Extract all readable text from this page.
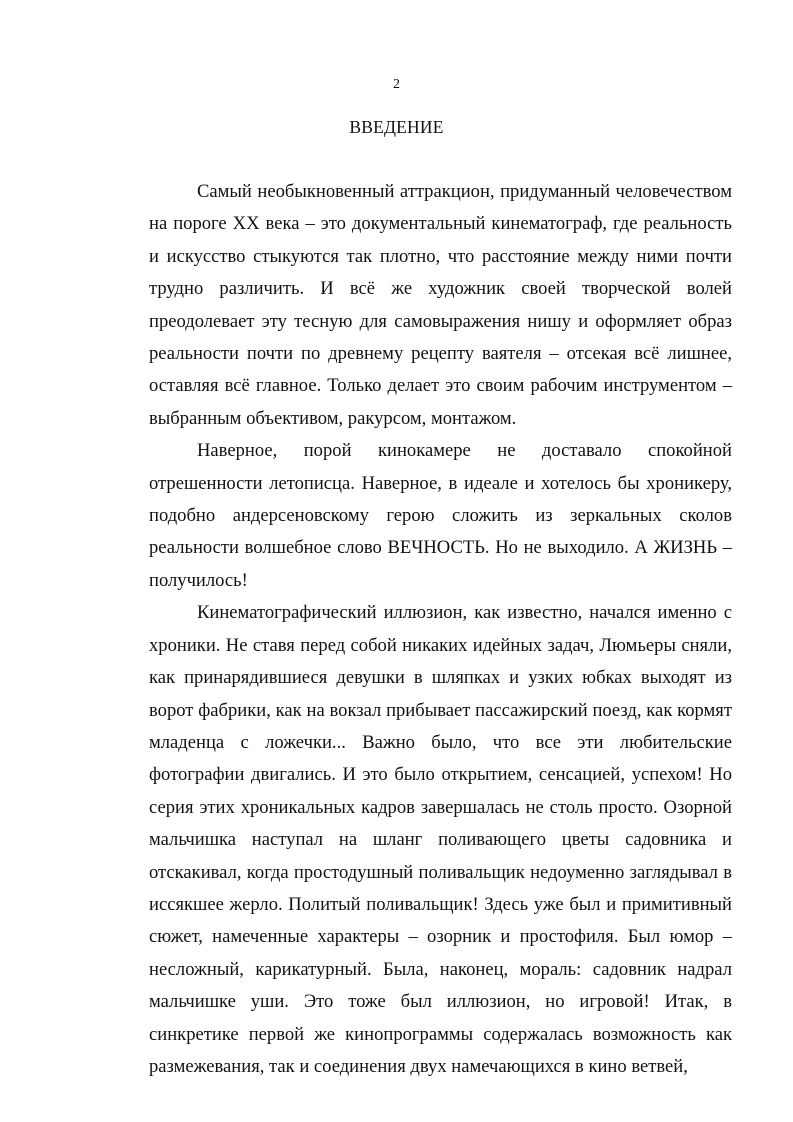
2

ВВЕДЕНИЕ

Самый необыкновенный аттракцион, придуманный человечеством на пороге XX века – это документальный кинематограф, где реальность и искусство стыкуются так плотно, что расстояние между ними почти трудно различить. И всё же художник своей творческой волей преодолевает эту тесную для самовыражения нишу и оформляет образ реальности почти по древнему рецепту ваятеля – отсекая всё лишнее, оставляя всё главное. Только делает это своим рабочим инструментом – выбранным объективом, ракурсом, монтажом.

Наверное, порой кинокамере не доставало спокойной отрешенности летописца. Наверное, в идеале и хотелось бы хроникеру, подобно андерсеновскому герою сложить из зеркальных сколов реальности волшебное слово ВЕЧНОСТЬ. Но не выходило. А ЖИЗНЬ – получилось!

Кинематографический иллюзион, как известно, начался именно с хроники. Не ставя перед собой никаких идейных задач, Люмьеры сняли, как принарядившиеся девушки в шляпках и узких юбках выходят из ворот фабрики, как на вокзал прибывает пассажирский поезд, как кормят младенца с ложечки... Важно было, что все эти любительские фотографии двигались. И это было открытием, сенсацией, успехом! Но серия этих хроникальных кадров завершалась не столь просто. Озорной мальчишка наступал на шланг поливающего цветы садовника и отскакивал, когда простодушный поливальщик недоуменно заглядывал в иссякшее жерло. Политый поливальщик! Здесь уже был и примитивный сюжет, намеченные характеры – озорник и простофиля. Был юмор – несложный, карикатурный. Была, наконец, мораль: садовник надрал мальчишке уши. Это тоже был иллюзион, но игровой! Итак, в синкретике первой же кинопрограммы содержалась возможность как размежевания, так и соединения двух намечающихся в кино ветвей,
